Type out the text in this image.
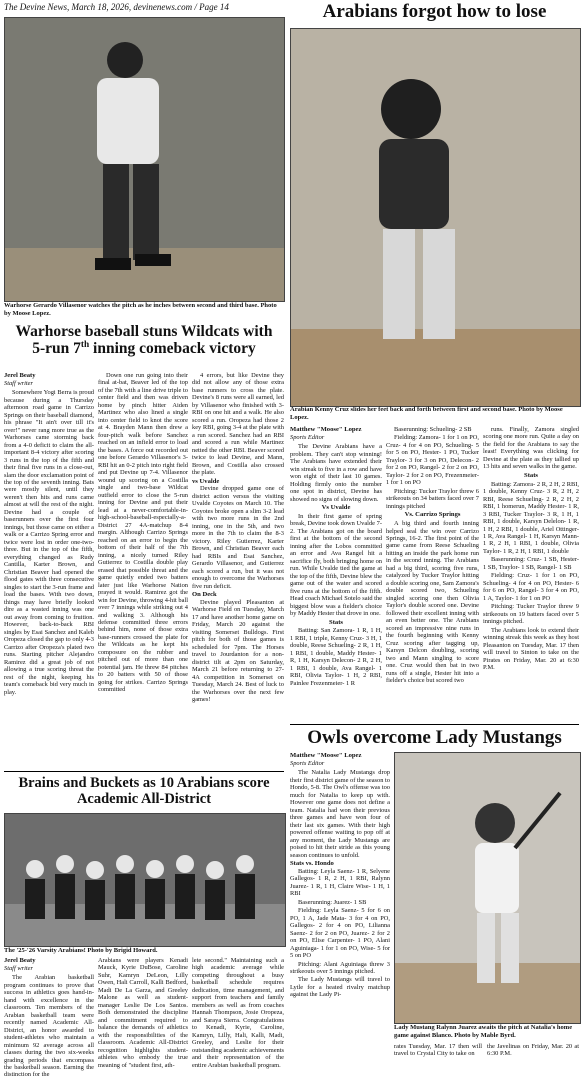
The Devine News, March 18, 2026, devinenews.com / Page 14
Warhorse Gerardo Villasenor watches the pitch as he inches between second and third base. Photo by Moose Lopez.
Arabians forgot how to lose
Arabian Kenny Cruz slides her feet back and forth between first and second base. Photo by Moose Lopez.
Warhorse baseball stuns Wildcats with
5-run 7th inning comeback victory
Jerel Beaty
Staff writer

Somewhere Yogi Berra is proud because during a Thursday afternoon road game in Carrizo Springs on their baseball diamond, his phrase "It ain't over till it's over!" never rang more true as the Warhorses came storming back from a 4-0 deficit to claim the all-important 8-4 victory after scoring 3 runs in the top of the fifth and their final five runs in a close-out, slam the door exclamation point of the top of the seventh inning. Bats were mostly silent, until they weren't then hits and runs came almost at will the rest of the night. Devine had a couple of baserunners over the first four innings, but those came on either a walk or a Carrizo Spring error and twice were lost in order one-two-three. But in the top of the fifth, everything changed as Rudy Cantilla, Karter Brown, and Christian Beaver had opened the flood gates with three consecutive singles to start the 3-run frame and load the bases. With two down, things may have briefly looked dire as a wasted inning was one out away from coming to fruition. However, back-to-back RBI singles by Esai Sanchez and Kaleb Oropeza closed the gap to only 4-3 Carrizo after Oropeza's plated two runs. Starting pitcher Alejandro Ramirez did a great job of not allowing a true scoring threat the rest of the night, keeping his team's comeback bid very much in play.

Down one run going into their final at-bat, Beaver led of the top of the 7th with a line drive triple to center field and then was driven home by pinch hitter Aiden Martinez who also lined a single into center field to knot the score at 4. Brayden Mann then drew a four-pitch walk before Sanchez reached on an infield error to load the bases. A force out recorded out one before Gerardo Villasenor's 3-RBI hit an 0-2 pitch into right field and put Devine up 7-4. Villasenor wound up scoring on a Costilla single and two-base Wildcat outfield error to close the 5-run inning for Devine and put their lead at a never-comfortable-in-high-school-baseball-especially-a-District 27 4A-matchup 8-4 margin. Although Carrizo Springs reached on an error to begin the bottom of their half of the 7th inning, a nicely turned Riley Gutierrez to Costilla double play erased that possible threat and the game quietly ended two batters later just like Warhorse Nation prayed it would. Ramirez got the win for Devine, throwing 4-hit ball over 7 innings while striking out 4 and walking 3. Although his defense committed three errors behind him, none of those extra base-runners crossed the plate for the Wildcats as he kept his composure on the rubber and pitched out of more than one potential jam. He threw 84 pitches to 20 batters with 50 of those going for strikes. Carrizo Springs committed

4 errors, but like Devine they did not allow any of those extra base runners to cross the plate. Devine's 8 runs were all earned, led by Villasenor who finished with 3-RBI on one hit and a walk. He also scored a run. Oropeza had those 2 key RBI, going 3-4 at the plate with a run scored. Sanchez had an RBI and scored a run while Martinez netted the other RBI. Beaver scored twice to lead Devine, and Mann, Brown, and Costilla also crossed the plate.

vs Uvalde

Devine dropped game one of district action versus the visiting Uvalde Coyotes on March 10. The Coyotes broke open a slim 3-2 lead with two more runs in the 2nd inning, one in the 5th, and two more in the 7th to claim the 8-3 victory. Riley Gutierrez, Karter Brown, and Christian Beaver each had RBIs and Esai Sanchez, Gerardo Villasenor, and Gutierrez each scored a run, but it was not enough to overcome the Warhorses five run deficit.

On Deck

Devine played Pleasanton at Warhorse Field on Tuesday, March 17 and have another home game on Friday, March 20 against the visiting Somerset Bulldogs. First pitch for both of those games is scheduled for 7pm. The Horses travel to Jourdanton for a non-district tilt at 2pm on Saturday, March 21 before returning to 27-4A competition in Somerset on Tuesday, March 24. Best of luck to the Warhorses over the next few games!

Matthew "Moose" Lopez
Sports Editor

The Devine Arabians have a problem. They can't stop winning! The Arabians have extended their win streak to five in a row and have won eight of their last 10 games. Holding firmly onto the number one spot in district, Devine has showed no signs of slowing down.

Vs Uvalde

In their first game of spring break, Devine took down Uvalde 7-2. The Arabians got on the board first at the bottom of the second inning after the Lobos committed an error and Ava Rangel hit a sacrifice fly, both bringing home on run. While Uvalde tied the game at the top of the fifth, Devine blew the game out of the water and scored five runs at the bottom of the fifth. Head coach Michael Sotelo said the biggest blow was a fielder's choice by Maddy Hester that drove in one.

Stats

Batting: San Zamora- 1 R, 1 H, 1 RBI, 1 triple, Kenny Cruz- 3 H, 1 double, Reese Schueling- 2 R, 1 H, 1 RBI, 1 double, Maddy Hester- 1 R, 1 H, Karsyn Delecon- 2 R, 2 H, 1 RBI, 1 double, Ava Rangel- 1 RBI, Olivia Taylor- 1 H, 2 RBI, Painlee Frezenmeier- 1 R

Baserunning: Schueling- 2 SB

Fielding: Zamora- 1 for 1 on PO, Cruz- 4 for 4 on PO, Schueling- 5 for 5 on PO, Hester- 1 PO, Tucker Traylor- 3 for 3 on PO, Delecon- 2 for 2 on PO, Rangel- 2 for 2 on PO, Taylor- 2 for 2 on PO, Frezenmeier- 1 for 1 on PO

Pitching: Tucker Traylor threw 6 strikeouts on 34 batters faced over 7 innings pitched

Vs. Carrizo Springs

A big third and fourth inning helped seal the win over Carrizo Springs, 16-2. The first point of the game came from Reese Schueling hitting an inside the park home run in the second inning. The Arabians had a big third, scoring five runs, catalyzed by Tucker Traylor hitting a double scoring one, Sam Zamora's double scored two, Schueling singled scoring one then Olivia Taylor's double scored one. Devine followed their excellent inning with an even better one. The Arabians scored an impressive nine runs in the fourth beginning with Kenny Cruz scoring after tagging up, Karsyn Delcon doubling, scoring two and Mann singling to score one. Cruz would then bat in two runs off a single, Hester hit into a fielder's choice but scored two

runs. Finally, Zamora singled scoring one more run. Quite a day on the field for the Arabians to say the least! Everything was clicking for Devine at the plate as they tallied up 13 hits and seven walks in the game.

Stats

Batting: Zamora- 2 R, 2 H, 2 RBI, 1 double, Kenny Cruz- 3 R, 2 H, 2 RBI, Reese Schueling- 2 R, 2 H, 2 RBI, 1 homerun, Maddy Hester- 1 R, 3 RBI, Tucker Traylor- 3 R, 1 H, 1 RBI, 1 double, Karsyn Delelon- 1 R, 1 H, 2 RBI, 1 double, Ariel Ottinger- 1 R, Ava Rangel- 1 H, Karsyn Mann- 1 R, 2 H, 1 RBI, 1 double, Olivia Taylor- 1 R, 2 H, 1 RBI, 1 double

Baserunning: Cruz- 1 SB, Hester- 1 SB, Traylor- 1 SB, Rangel- 1 SB

Fielding: Cruz- 1 for 1 on PO, Schueling- 4 for 4 on PO, Hester- 6 for 6 on PO, Rangel- 3 for 4 on PO, 1 A, Taylor- 1 for 1 on PO

Pitching: Tucker Traylor threw 9 strikeouts on 19 batters faced over 5 innings pitched.

The Arabians look to extend their winning streak this week as they host Pleasanton on Tuesday, Mar. 17 then will travel to Sinton to take on the Pirates on Friday, Mar. 20 at 6:30 P.M.

Owls overcome Lady Mustangs
Matthew "Moose" Lopez
Sports Editor

The Natalia Lady Mustangs drop their first district game of the season to Hondo, 5-8. The Owl's offense was too much for Natalia to keep up with. However one game does not define a team. Natalia had won their previous three games and have won four of their last six games. With their high powered offense waiting to pop off at any moment, the Lady Mustangs are poised to hit their stride as this young season continues to unfold.

Stats vs. Hondo

Batting: Leyla Saenz- 1 R, Selyene Gallegos- 1 R, 2 H, 1 RBI, Ralynn Juarez- 1 R, 1 H, Claire Wise- 1 H, 1 RBI

Baserunning: Juarez- 1 SB

Fielding: Leyla Saenz- 5 for 6 on PO, 1 A, Jade Mata- 3 for 4 on PO, Gallegos- 2 for 4 on PO, Lilianna Saenz- 2 for 2 on PO, Juarez- 2 for 2 on PO, Elise Carpenter- 1 PO, Alani Aguiniaga- 1 for 1 on PO, Wise- 5 for 5 on PO

Pitching: Alani Aguiniaga threw 3 strikeouts over 5 innings pitched.

The Lady Mustangs will travel to Lytle for a heated rivalry matchup against the Lady Pi-

Lady Mustang Ralynn Juarez awaits the pitch at Natalia's home game against Blanco. Photo by Mable Byrd.

rates Tuesday, Mar. 17 then will travel to Crystal City to take on

the Javelinas on Friday, Mar. 20 at 6:30 P.M.

Brains and Buckets as 10 Arabians score
Academic All-District
The '25-'26 Varsity Arabians! Photo by Brigid Howard.
Jerel Beaty
Staff writer

The Arabian basketball program continues to prove that success in athletics goes hand-in-hand with excellence in the classroom. Ten members of the Arabian basketball team were recently named Academic All-District, an honor awarded to student-athletes who maintain a minimum 92 average across all classes during the two six-weeks grading periods that encompass the basketball season. Earning the distinction for the

Arabians were players Kenadi Mauck, Kyrie DuBose, Caroline Suhr, Kamryn DeLeon, Lilly Owen, Hali Carroll, Kalli Bedford, Madi De La Garza, and Greeley Malone as well as student-manager Leslie De Los Santos. Both demonstrated the discipline and commitment required to balance the demands of athletics with the responsibilities of the classroom. Academic All-District recognition highlights student-athletes who embody the true meaning of "student first, ath-

lete second." Maintaining such a high academic average while competing throughout a busy basketball schedule requires dedication, time management, and support from teachers and family members as well as from coaches Hannah Thompson, Josie Oropeza, and Saraya Sierra. Congratulations to Kenadi, Kyrie, Caroline, Kamryn, Lilly, Hali, Kalli, Madi, Greeley, and Leslie for their outstanding academic achievements and their representation of the entire Arabian basketball program.
